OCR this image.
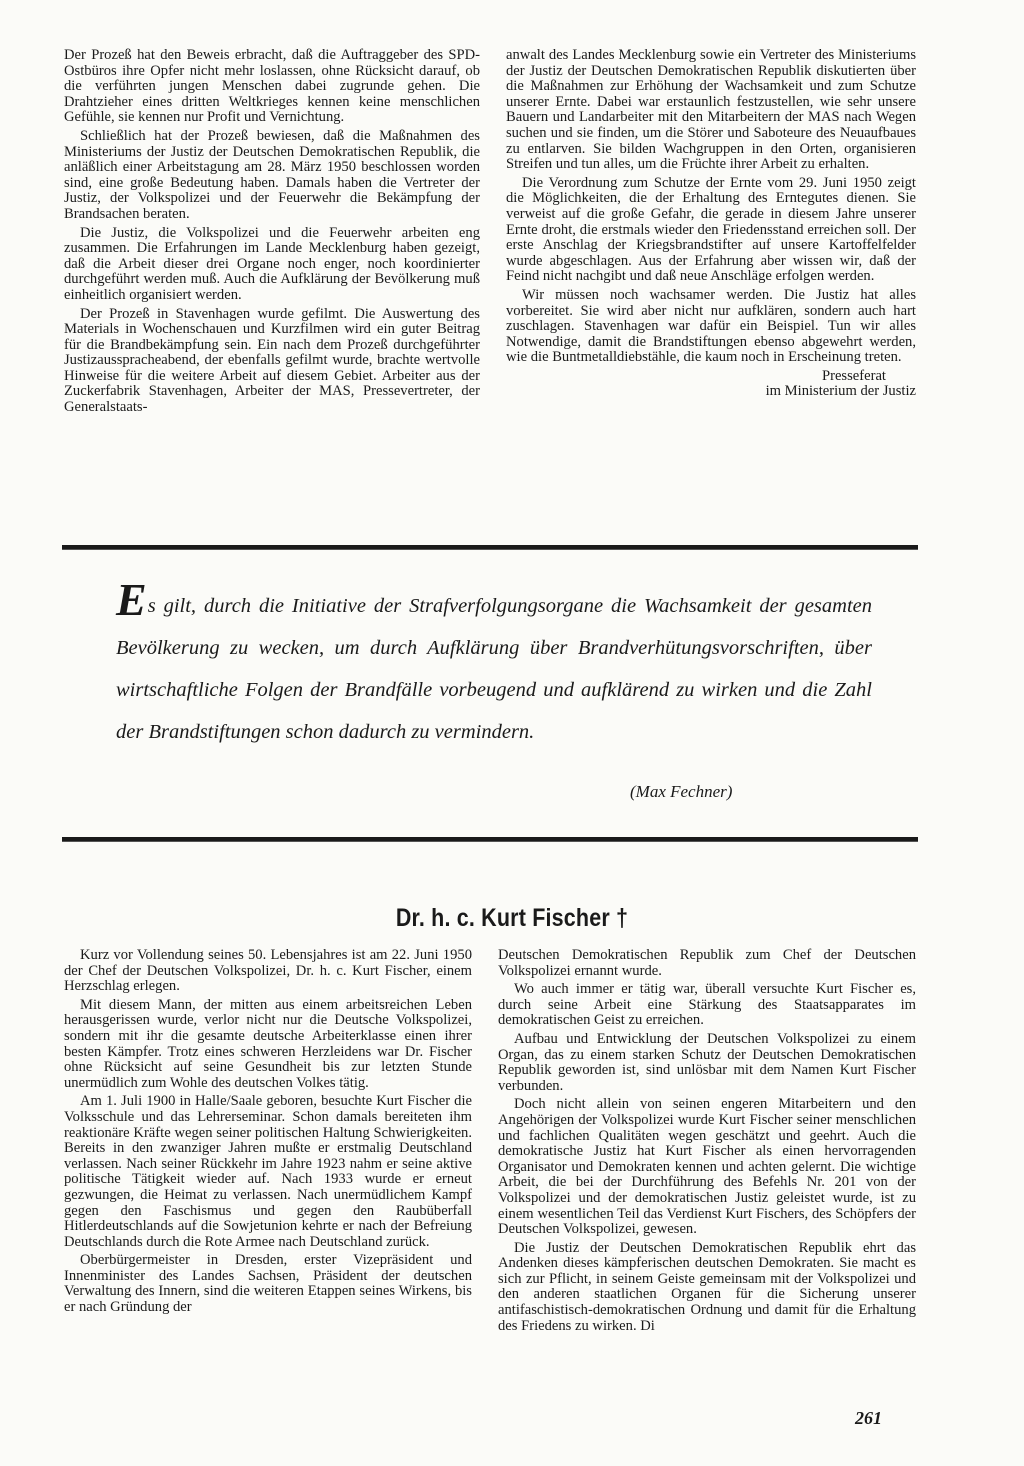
Der Prozeß hat den Beweis erbracht, daß die Auftraggeber des SPD-Ostbüros ihre Opfer nicht mehr loslassen, ohne Rücksicht darauf, ob die verführten jungen Menschen dabei zugrunde gehen. Die Drahtzieher eines dritten Weltkrieges kennen keine menschlichen Gefühle, sie kennen nur Profit und Vernichtung.

Schließlich hat der Prozeß bewiesen, daß die Maßnahmen des Ministeriums der Justiz der Deutschen Demokratischen Republik, die anläßlich einer Arbeitstagung am 28. März 1950 beschlossen worden sind, eine große Bedeutung haben. Damals haben die Vertreter der Justiz, der Volkspolizei und der Feuerwehr die Bekämpfung der Brandsachen beraten.

Die Justiz, die Volkspolizei und die Feuerwehr arbeiten eng zusammen. Die Erfahrungen im Lande Mecklenburg haben gezeigt, daß die Arbeit dieser drei Organe noch enger, noch koordinierter durchgeführt werden muß. Auch die Aufklärung der Bevölkerung muß einheitlich organisiert werden.

Der Prozeß in Stavenhagen wurde gefilmt. Die Auswertung des Materials in Wochenschauen und Kurzfilmen wird ein guter Beitrag für die Brandbekämpfung sein. Ein nach dem Prozeß durchgeführter Justizausspracheabend, der ebenfalls gefilmt wurde, brachte wertvolle Hinweise für die weitere Arbeit auf diesem Gebiet. Arbeiter aus der Zuckerfabrik Stavenhagen, Arbeiter der MAS, Pressevertreter, der Generalstaats-

anwalt des Landes Mecklenburg sowie ein Vertreter des Ministeriums der Justiz der Deutschen Demokratischen Republik diskutierten über die Maßnahmen zur Erhöhung der Wachsamkeit und zum Schutze unserer Ernte. Dabei war erstaunlich festzustellen, wie sehr unsere Bauern und Landarbeiter mit den Mitarbeitern der MAS nach Wegen suchen und sie finden, um die Störer und Saboteure des Neuaufbaues zu entlarven. Sie bilden Wachgruppen in den Orten, organisieren Streifen und tun alles, um die Früchte ihrer Arbeit zu erhalten.

Die Verordnung zum Schutze der Ernte vom 29. Juni 1950 zeigt die Möglichkeiten, die der Erhaltung des Erntegutes dienen. Sie verweist auf die große Gefahr, die gerade in diesem Jahre unserer Ernte droht, die erstmals wieder den Friedensstand erreichen soll. Der erste Anschlag der Kriegsbrandstifter auf unsere Kartoffelfelder wurde abgeschlagen. Aus der Erfahrung aber wissen wir, daß der Feind nicht nachgibt und daß neue Anschläge erfolgen werden.

Wir müssen noch wachsamer werden. Die Justiz hat alles vorbereitet. Sie wird aber nicht nur aufklären, sondern auch hart zuschlagen. Stavenhagen war dafür ein Beispiel. Tun wir alles Notwendige, damit die Brandstiftungen ebenso abgewehrt werden, wie die Buntmetalldiebstähle, die kaum noch in Erscheinung treten.

Presseferat
im Ministerium der Justiz
Es gilt, durch die Initiative der Strafverfolgungsorgane die Wachsamkeit der gesamten Bevölkerung zu wecken, um durch Aufklärung über Brandverhütungsvorschriften, über wirtschaftliche Folgen der Brandfälle vorbeugend und aufklärend zu wirken und die Zahl der Brandstiftungen schon dadurch zu vermindern.
(Max Fechner)
Dr. h. c. Kurt Fischer †

Kurz vor Vollendung seines 50. Lebensjahres ist am 22. Juni 1950 der Chef der Deutschen Volkspolizei, Dr. h. c. Kurt Fischer, einem Herzschlag erlegen.

Mit diesem Mann, der mitten aus einem arbeitsreichen Leben herausgerissen wurde, verlor nicht nur die Deutsche Volkspolizei, sondern mit ihr die gesamte deutsche Arbeiterklasse einen ihrer besten Kämpfer. Trotz eines schweren Herzleidens war Dr. Fischer ohne Rücksicht auf seine Gesundheit bis zur letzten Stunde unermüdlich zum Wohle des deutschen Volkes tätig.

Am 1. Juli 1900 in Halle/Saale geboren, besuchte Kurt Fischer die Volksschule und das Lehrerseminar. Schon damals bereiteten ihm reaktionäre Kräfte wegen seiner politischen Haltung Schwierigkeiten. Bereits in den zwanziger Jahren mußte er erstmalig Deutschland verlassen. Nach seiner Rückkehr im Jahre 1923 nahm er seine aktive politische Tätigkeit wieder auf. Nach 1933 wurde er erneut gezwungen, die Heimat zu verlassen. Nach unermüdlichem Kampf gegen den Faschismus und gegen den Raubüberfall Hitlerdeutschlands auf die Sowjetunion kehrte er nach der Befreiung Deutschlands durch die Rote Armee nach Deutschland zurück.

Oberbürgermeister in Dresden, erster Vizepräsident und Innenminister des Landes Sachsen, Präsident der deutschen Verwaltung des Innern, sind die weiteren Etappen seines Wirkens, bis er nach Gründung der

Deutschen Demokratischen Republik zum Chef der Deutschen Volkspolizei ernannt wurde.

Wo auch immer er tätig war, überall versuchte Kurt Fischer es, durch seine Arbeit eine Stärkung des Staatsapparates im demokratischen Geist zu erreichen.

Aufbau und Entwicklung der Deutschen Volkspolizei zu einem Organ, das zu einem starken Schutz der Deutschen Demokratischen Republik geworden ist, sind unlösbar mit dem Namen Kurt Fischer verbunden.

Doch nicht allein von seinen engeren Mitarbeitern und den Angehörigen der Volkspolizei wurde Kurt Fischer seiner menschlichen und fachlichen Qualitäten wegen geschätzt und geehrt. Auch die demokratische Justiz hat Kurt Fischer als einen hervorragenden Organisator und Demokraten kennen und achten gelernt. Die wichtige Arbeit, die bei der Durchführung des Befehls Nr. 201 von der Volkspolizei und der demokratischen Justiz geleistet wurde, ist zu einem wesentlichen Teil das Verdienst Kurt Fischers, des Schöpfers der Deutschen Volkspolizei, gewesen.

Die Justiz der Deutschen Demokratischen Republik ehrt das Andenken dieses kämpferischen deutschen Demokraten. Sie macht es sich zur Pflicht, in seinem Geiste gemeinsam mit der Volkspolizei und den anderen staatlichen Organen für die Sicherung unserer antifaschistisch-demokratischen Ordnung und damit für die Erhaltung des Friedens zu wirken. Di

261
